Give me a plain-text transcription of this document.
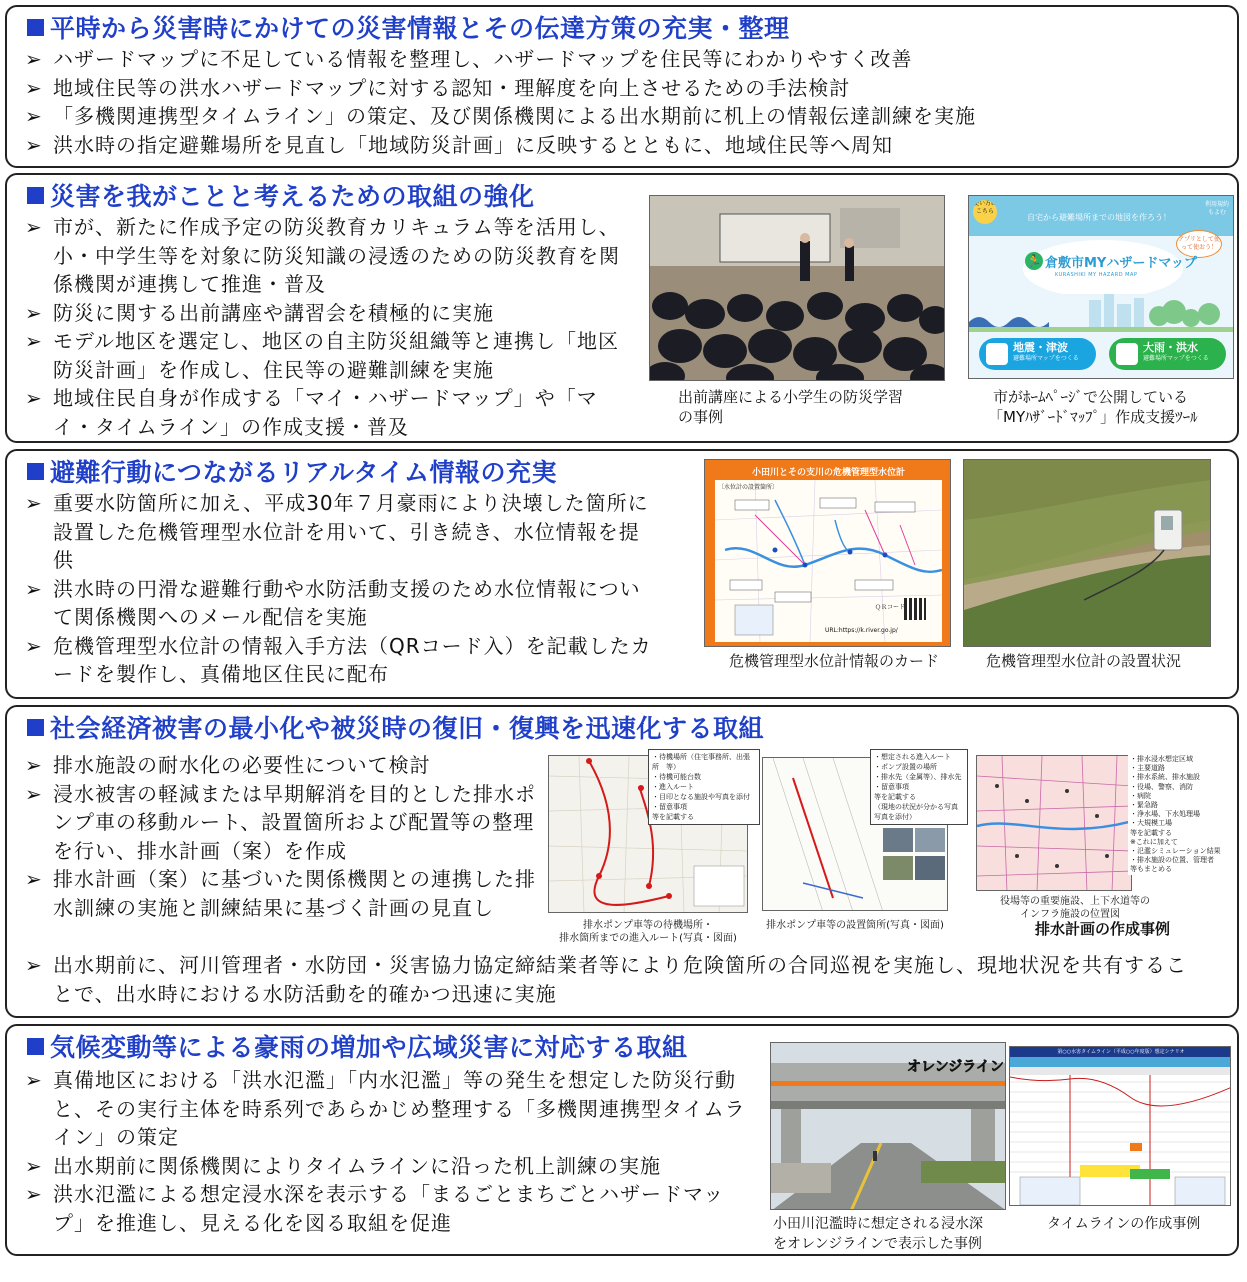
平時から災害時にかけての災害情報とその伝達方策の充実・整理
➢ ハザードマップに不足している情報を整理し、ハザードマップを住民等にわかりやすく改善
➢ 地域住民等の洪水ハザードマップに対する認知・理解度を向上させるための手法検討
➢ 「多機関連携型タイムライン」の策定、及び関係機関による出水期前に机上の情報伝達訓練を実施
➢ 洪水時の指定避難場所を見直し「地域防災計画」に反映するとともに、地域住民等へ周知
災害を我がことと考えるための取組の強化
➢ 市が、新たに作成予定の防災教育カリキュラム等を活用し、小・中学生等を対象に防災知識の浸透のための防災教育を関係機関が連携して推進・普及
➢ 防災に関する出前講座や講習会を積極的に実施
➢ モデル地区を選定し、地区の自主防災組織等と連携し「地区防災計画」を作成し、住民等の避難訓練を実施
➢ 地域住民自身が作成する「マイ・ハザードマップ」や「マイ・タイムライン」の作成支援・普及
出前講座による小学生の防災学習
の事例
使い方はこちら
利用規約もよむ
自宅から避難場所までの地図を作ろう！
アプリとして使って使おう！
🏃 倉敷市MYハザードマップ
KURASHIKI MY HAZARD MAP
地震・津波
避難場所マップをつくる
大雨・洪水
避難場所マップをつくる
市がﾎｰﾑﾍﾟｰｼﾞで公開している
「MYﾊｻﾞｰﾄﾞﾏｯﾌﾟ」作成支援ﾂｰﾙ
避難行動につながるリアルタイム情報の充実
➢ 重要水防箇所に加え、平成30年７月豪雨により決壊した箇所に設置した危機管理型水位計を用いて、引き続き、水位情報を提供
➢ 洪水時の円滑な避難行動や水防活動支援のため水位情報について関係機関へのメール配信を実施
➢ 危機管理型水位計の情報入手方法（QRコード入）を記載したカードを製作し、真備地区住民に配布
小田川とその支川の危機管理型水位計
〔水位計の設置箇所〕
ＱＲコード
URL:https://k.river.go.jp/
危機管理型水位計情報のカード	危機管理型水位計の設置状況
社会経済被害の最小化や被災時の復旧・復興を迅速化する取組
➢ 排水施設の耐水化の必要性について検討
➢ 浸水被害の軽減または早期解消を目的とした排水ポンプ車の移動ルート、設置箇所および配置等の整理を行い、排水計画（案）を作成
➢ 排水計画（案）に基づいた関係機関との連携した排水訓練の実施と訓練結果に基づく計画の見直し
➢ 出水期前に、河川管理者・水防団・災害協力協定締結業者等により危険箇所の合同巡視を実施し、現地状況を共有することで、出水時における水防活動を的確かつ迅速に実施
・待機場所（住宅事務所、出張所　等）
・待機可能台数
・進入ルート
・目印となる施設や写真を添付
・留意事項
等を記載する
排水ポンプ車等の待機場所・
排水箇所までの進入ルート(写真・図面)
・想定される進入ルート
・ポンプ設置の場所
・排水先（金属等）、排水先
・留意事項
等を記載する
（現地の状況が分かる写真
写真を添付）
排水ポンプ車等の設置箇所(写真・図面)
・排水浸水想定区域
・主要道路
・排水系統、排水施設
・役場、警察、消防
・病院
・緊急路
・浄水場、下水処理場
・大規模工場
等を記載する
※これに加えて
・氾濫シミュレーション結果
・排水施設の位置、管理者
等もまとめる
役場等の重要施設、上下水道等の
インフラ施設の位置図
排水計画の作成事例
気候変動等による豪雨の増加や広域災害に対応する取組
➢ 真備地区における「洪水氾濫」「内水氾濫」等の発生を想定した防災行動と、その実行主体を時系列であらかじめ整理する「多機関連携型タイムライン」の策定
➢ 出水期前に関係機関によりタイムラインに沿った机上訓練の実施
➢ 洪水氾濫による想定浸水深を表示する「まるごとまちごとハザードマップ」を推進し、見える化を図る取組を促進
オレンジライン
小田川氾濫時に想定される浸水深
をオレンジラインで表示した事例
第○○水害タイムライン（平成○○年度版）想定シナリオ
タイムラインの作成事例
